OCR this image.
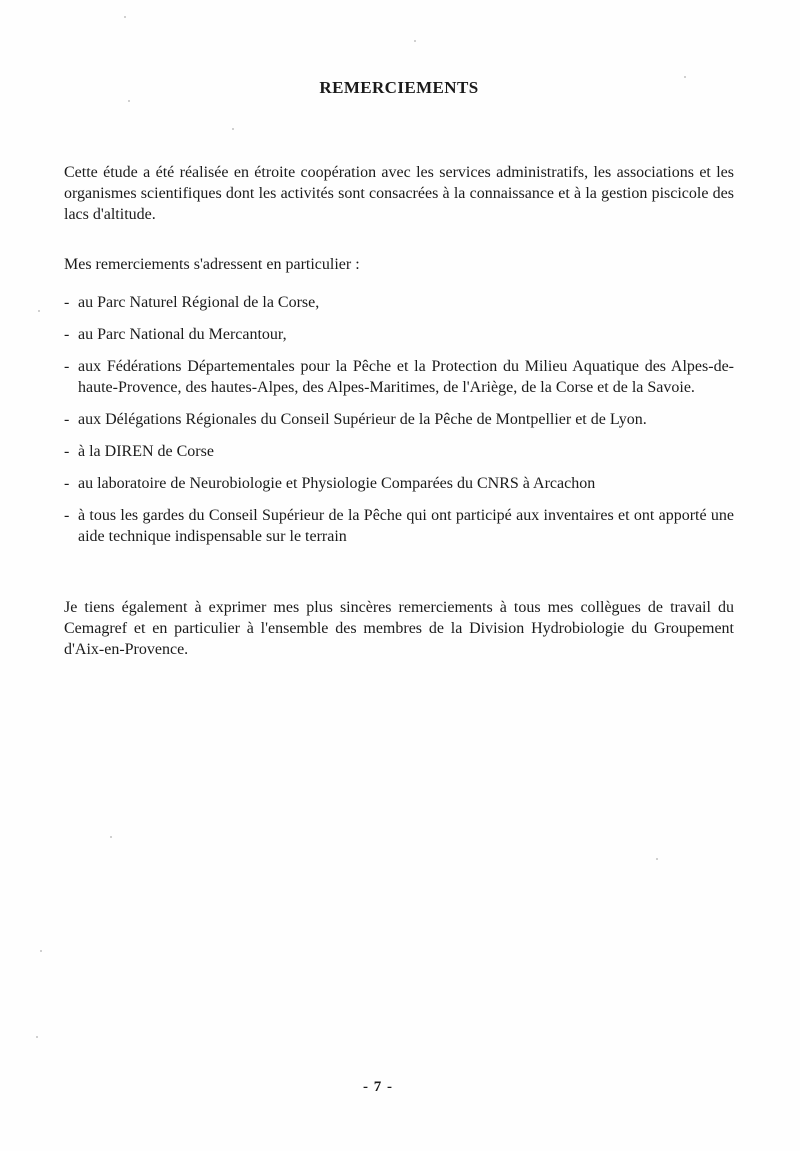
REMERCIEMENTS

Cette étude a été réalisée en étroite coopération avec les services administratifs, les associations et les organismes scientifiques dont les activités sont consacrées à la connaissance et à la gestion piscicole des lacs d'altitude.

Mes remerciements s'adressent en particulier :

- au Parc Naturel Régional de la Corse,
- au Parc National du Mercantour,
- aux Fédérations Départementales pour la Pêche et la Protection du Milieu Aquatique des Alpes-de-haute-Provence, des hautes-Alpes, des Alpes-Maritimes, de l'Ariège, de la Corse et de la Savoie.
- aux Délégations Régionales du Conseil Supérieur de la Pêche de Montpellier et de Lyon.
- à la DIREN de Corse
- au laboratoire de Neurobiologie et Physiologie Comparées du CNRS à Arcachon
- à tous les gardes du Conseil Supérieur de la Pêche qui ont participé aux inventaires et ont apporté une aide technique indispensable sur le terrain

Je tiens également à exprimer mes plus sincères remerciements à tous mes collègues de travail du Cemagref et en particulier à l'ensemble des membres de la Division Hydrobiologie du Groupement d'Aix-en-Provence.

- 7 -
